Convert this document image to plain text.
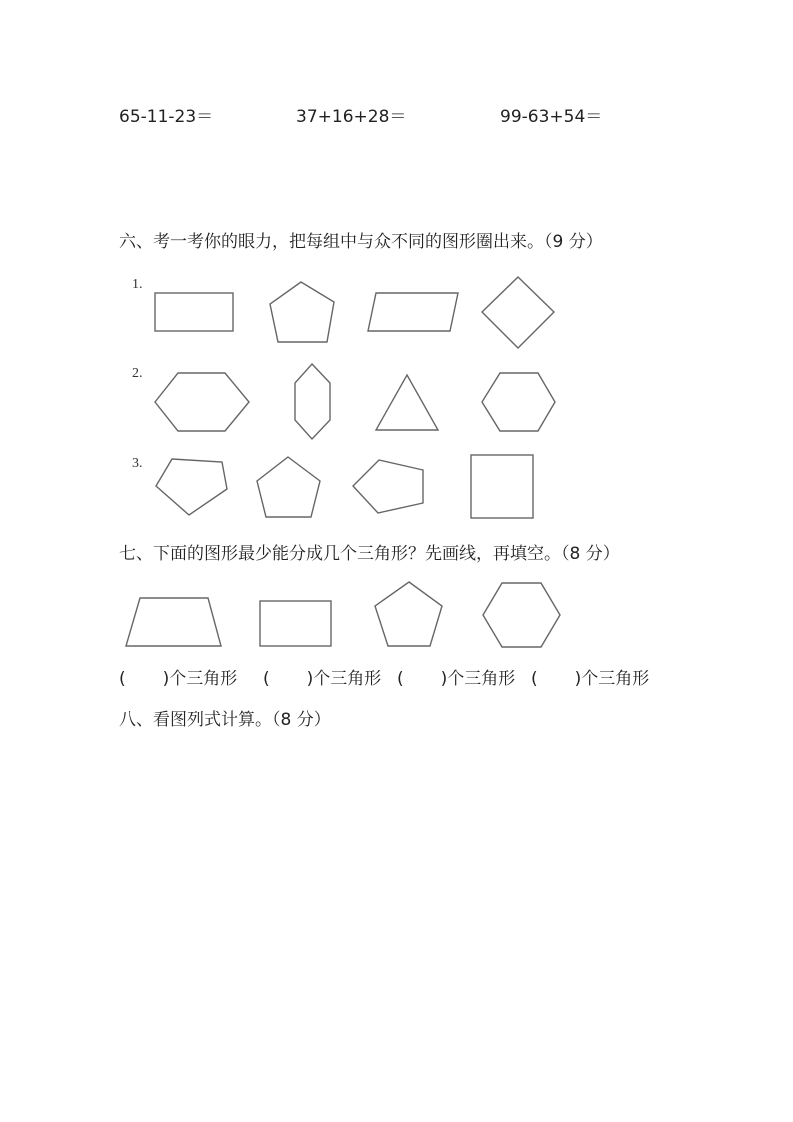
65-11-23＝	37+16+28＝	99-63+54＝
六、考一考你的眼力，把每组中与众不同的图形圈出来。（9 分）
1.
2.
3.
七、下面的图形最少能分成几个三角形？先画线，再填空。（8 分）
( )个三角形 ( )个三角形 ( )个三角形 ( )个三角形
八、看图列式计算。（8 分）
